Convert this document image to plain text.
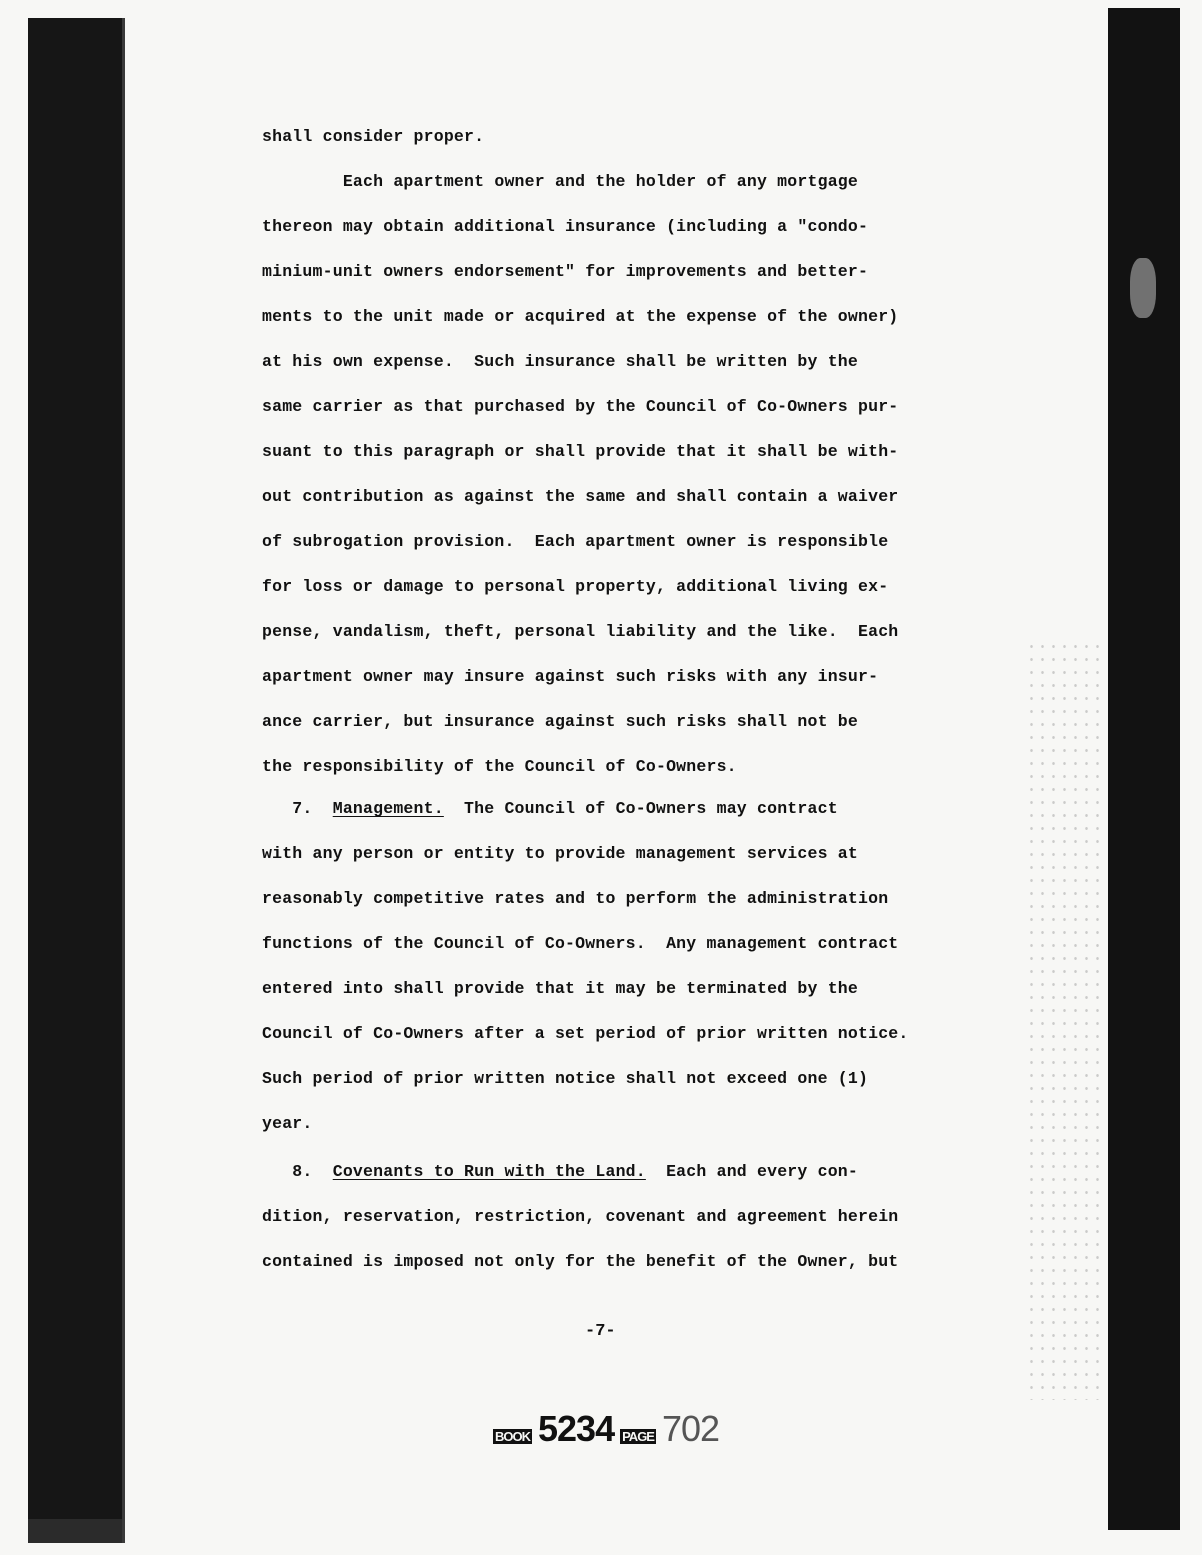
shall consider proper.
Each apartment owner and the holder of any mortgage
thereon may obtain additional insurance (including a "condo-
minium-unit owners endorsement" for improvements and better-
ments to the unit made or acquired at the expense of the owner)
at his own expense.  Such insurance shall be written by the
same carrier as that purchased by the Council of Co-Owners pur-
suant to this paragraph or shall provide that it shall be with-
out contribution as against the same and shall contain a waiver
of subrogation provision.  Each apartment owner is responsible
for loss or damage to personal property, additional living ex-
pense, vandalism, theft, personal liability and the like.  Each
apartment owner may insure against such risks with any insur-
ance carrier, but insurance against such risks shall not be
the responsibility of the Council of Co-Owners.
7.  Management.  The Council of Co-Owners may contract
with any person or entity to provide management services at
reasonably competitive rates and to perform the administration
functions of the Council of Co-Owners.  Any management contract
entered into shall provide that it may be terminated by the
Council of Co-Owners after a set period of prior written notice.
Such period of prior written notice shall not exceed one (1)
year.
8.  Covenants to Run with the Land.  Each and every con-
dition, reservation, restriction, covenant and agreement herein
contained is imposed not only for the benefit of the Owner, but
-7-
BOOK 5234 PAGE 702
